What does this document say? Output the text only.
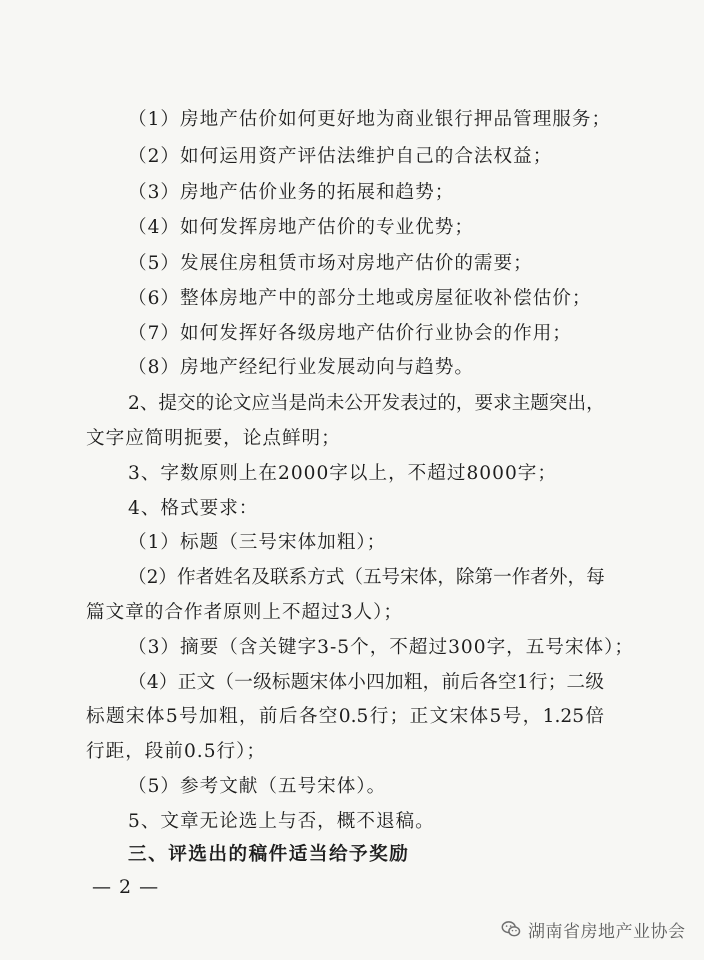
（1）房地产估价如何更好地为商业银行押品管理服务；
（2）如何运用资产评估法维护自己的合法权益；
（3）房地产估价业务的拓展和趋势；
（4）如何发挥房地产估价的专业优势；
（5）发展住房租赁市场对房地产估价的需要；
（6）整体房地产中的部分土地或房屋征收补偿估价；
（7）如何发挥好各级房地产估价行业协会的作用；
（8）房地产经纪行业发展动向与趋势。
2、提交的论文应当是尚未公开发表过的，要求主题突出，
文字应简明扼要，论点鲜明；
3、字数原则上在2000字以上，不超过8000字；
4、格式要求：
（1）标题（三号宋体加粗）；
（2）作者姓名及联系方式（五号宋体，除第一作者外，每
篇文章的合作者原则上不超过3人）；
（3）摘要（含关键字3-5个，不超过300字，五号宋体）；
（4）正文（一级标题宋体小四加粗，前后各空1行；二级
标题宋体5号加粗，前后各空0.5行；正文宋体5号，1.25倍
行距，段前0.5行）；
（5）参考文献（五号宋体）。
5、文章无论选上与否，概不退稿。
三、评选出的稿件适当给予奖励
— 2 —
湖南省房地产业协会
